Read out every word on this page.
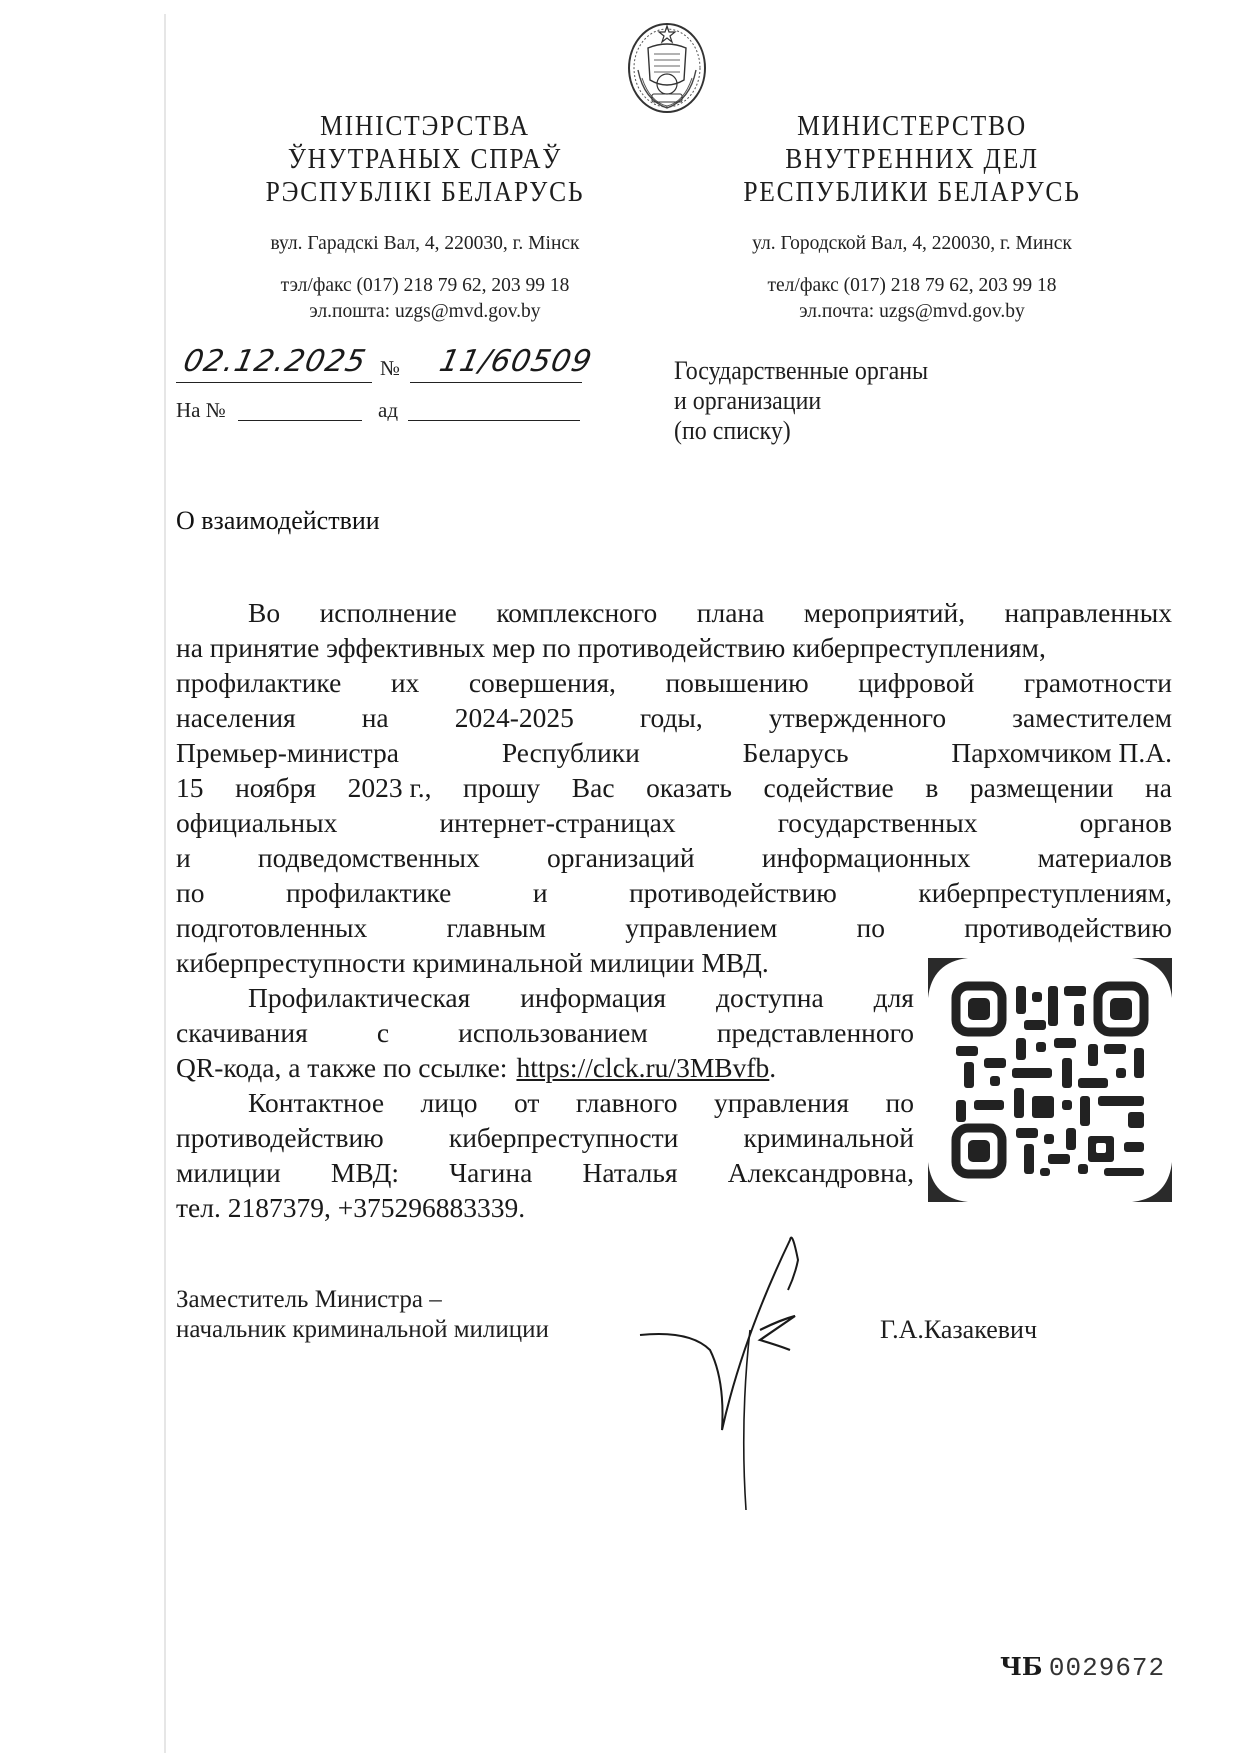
МІНІСТЭРСТВА
ЎНУТРАНЫХ СПРАЎ
РЭСПУБЛІКІ БЕЛАРУСЬ
МИНИСТЕРСТВО
ВНУТРЕННИХ ДЕЛ
РЕСПУБЛИКИ БЕЛАРУСЬ
вул. Гарадскі Вал, 4, 220030, г. Мінск
тэл/факс (017) 218 79 62, 203 99 18
эл.пошта: uzgs@mvd.gov.by
ул. Городской Вал, 4, 220030, г. Минск
тел/факс (017) 218 79 62, 203 99 18
эл.почта: uzgs@mvd.gov.by
02.12.2025 № 11/60509
На №	ад
Государственные органы
и организации
(по списку)
О взаимодействии
Во исполнение комплексного плана мероприятий, направленных
на принятие эффективных мер по противодействию киберпреступлениям,
профилактике их совершения, повышению цифровой грамотности
населения на 2024-2025 годы, утвержденного заместителем
Премьер-министра	Республики	Беларусь	Пархомчиком П.А.
15 ноября 2023 г., прошу Вас оказать содействие в размещении на
официальных	интернет-страницах	государственных	органов
и подведомственных организаций информационных материалов
по	профилактике	и	противодействию	киберпреступлениям,
подготовленных	главным	управлением	по	противодействию
киберпреступности криминальной милиции МВД.
Профилактическая информация доступна для
скачивания	с	использованием	представленного
QR-кода, а также по ссылке: https://clck.ru/3MBvfb.
Контактное лицо от главного управления по
противодействию киберпреступности криминальной
милиции МВД: Чагина Наталья Александровна,
тел. 2187379, +375296883339.
Заместитель Министра –
начальник криминальной милиции	Г.А.Казакевич
ЧБ 0029672
